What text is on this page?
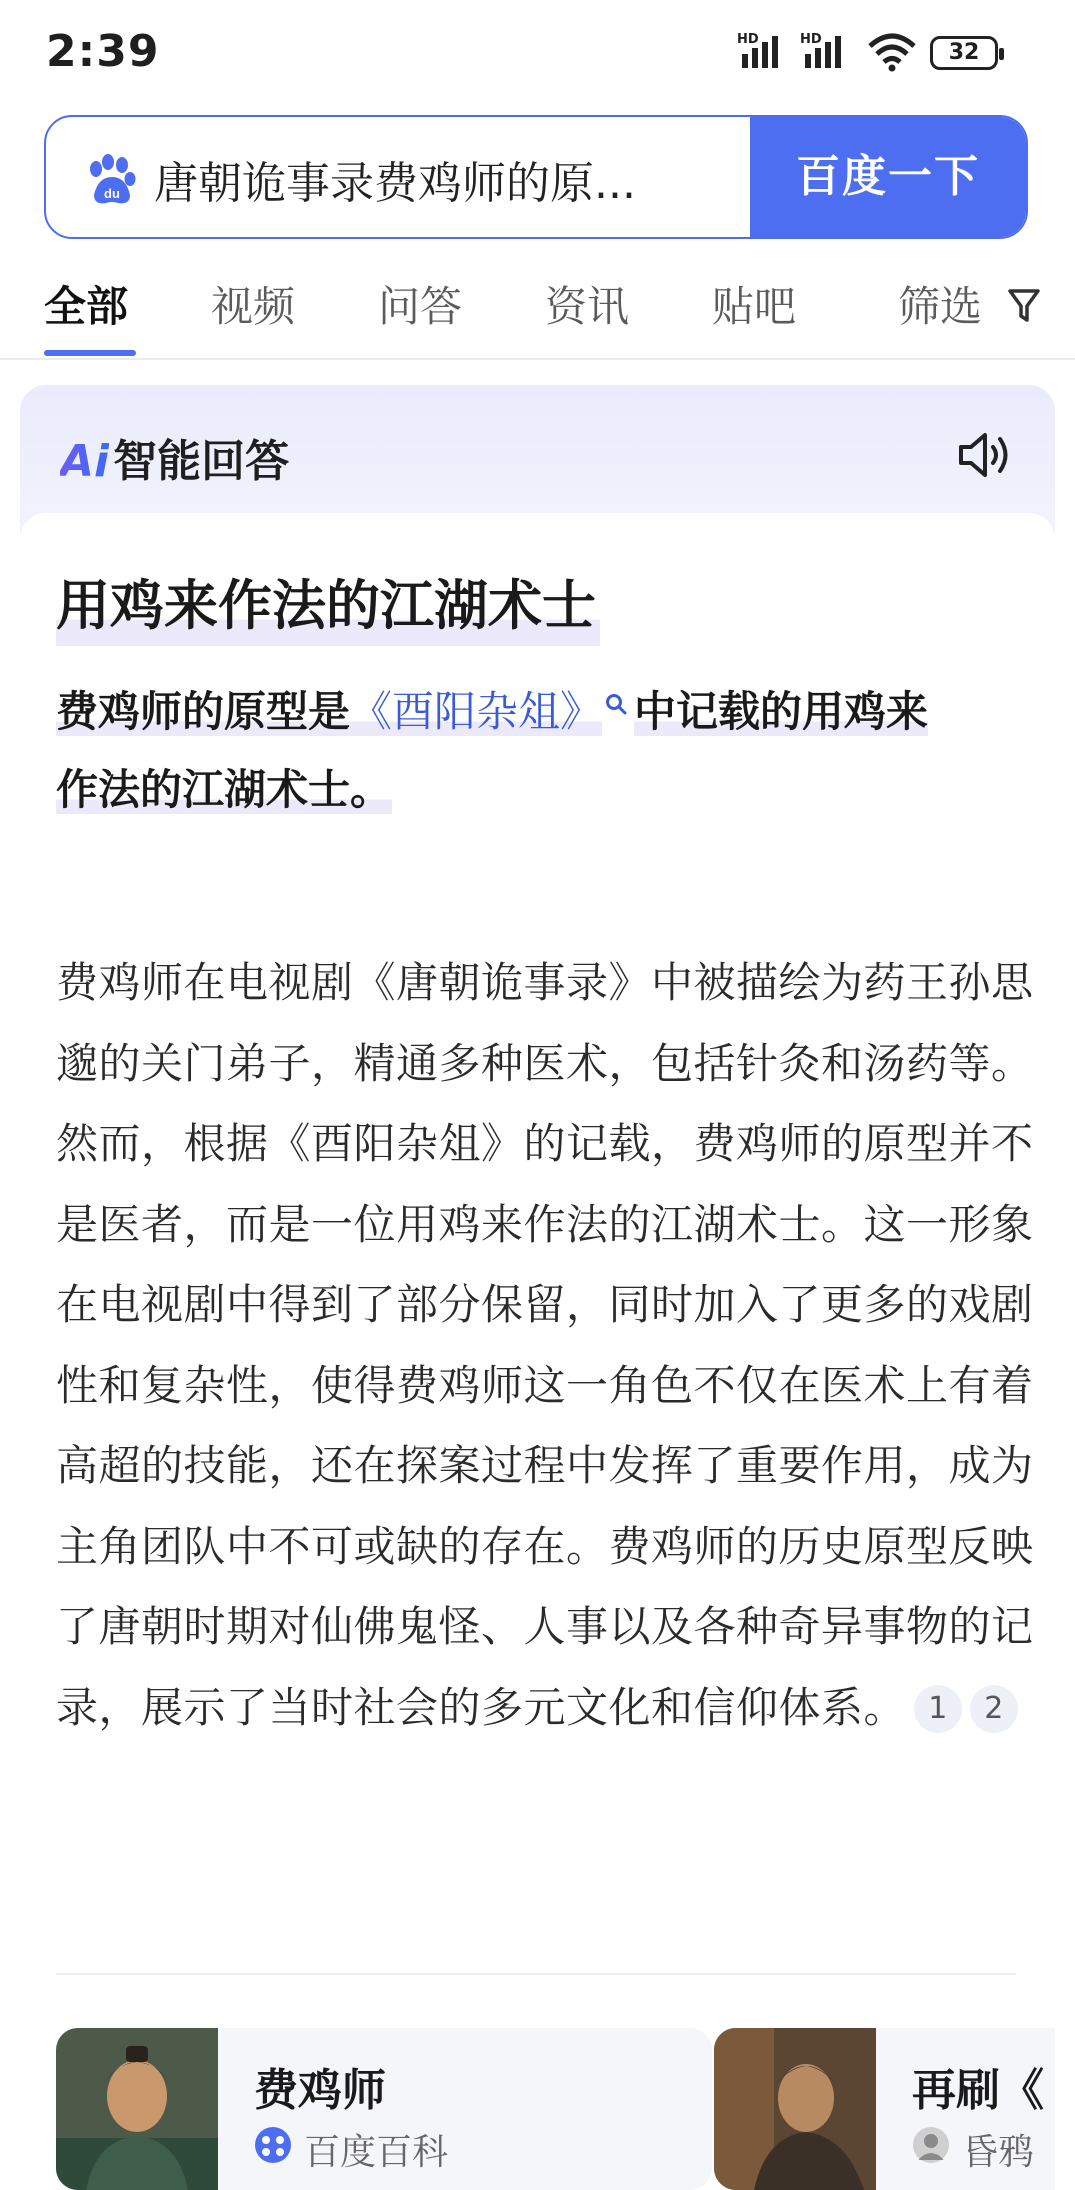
2:39	HD	HD
32
du 唐朝诡事录费鸡师的原...	百度一下
全部 视频 问答 资讯 贴吧 筛选
Ai智能回答
用鸡来作法的江湖术士
费鸡师的原型是《酉阳杂俎》 中记载的用鸡来
作法的江湖术士。
费鸡师在电视剧《唐朝诡事录》中被描绘为药王孙思邈的关门弟子，精通多种医术，包括针灸和汤药等。然而，根据《酉阳杂俎》的记载，费鸡师的原型并不是医者，而是一位用鸡来作法的江湖术士。这一形象在电视剧中得到了部分保留，同时加入了更多的戏剧性和复杂性，使得费鸡师这一角色不仅在医术上有着高超的技能，还在探案过程中发挥了重要作用，成为主角团队中不可或缺的存在。费鸡师的历史原型反映了唐朝时期对仙佛鬼怪、人事以及各种奇异事物的记录，展示了当时社会的多元文化和信仰体系。 1 2
费鸡师
百度百科
再刷《
昏鸦
